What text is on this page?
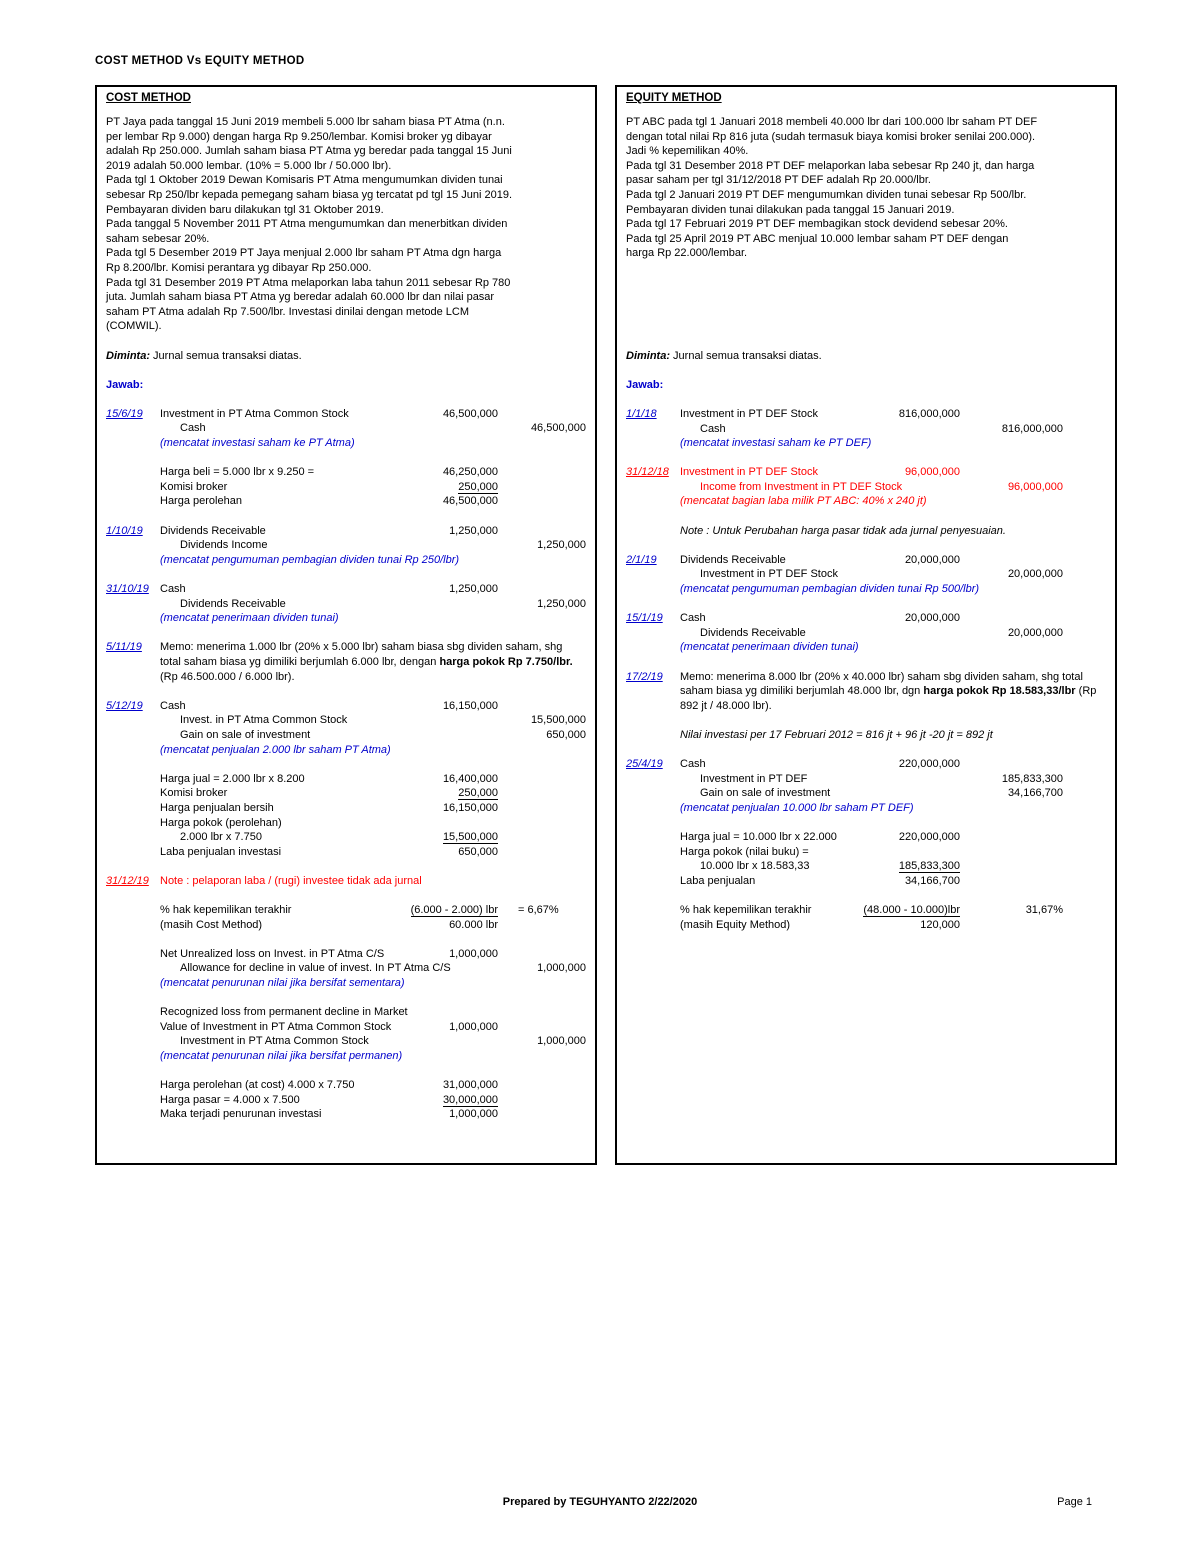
COST METHOD Vs EQUITY METHOD
COST METHOD
PT Jaya pada tanggal 15 Juni 2019 membeli 5.000 lbr saham biasa PT Atma (n.n. per lembar Rp 9.000) dengan harga Rp 9.250/lembar. Komisi broker yg dibayar adalah Rp 250.000. Jumlah saham biasa PT Atma yg beredar pada tanggal 15 Juni 2019 adalah 50.000 lembar. (10% = 5.000 lbr / 50.000 lbr).
Pada tgl 1 Oktober 2019 Dewan Komisaris PT Atma mengumumkan dividen tunai sebesar Rp 250/lbr kepada pemegang saham biasa yg tercatat pd tgl 15 Juni 2019. Pembayaran dividen baru dilakukan tgl 31 Oktober 2019.
Pada tanggal 5 November 2011 PT Atma mengumumkan dan menerbitkan dividen saham sebesar 20%.
Pada tgl 5 Desember 2019 PT Jaya menjual 2.000 lbr saham PT Atma dgn harga Rp 8.200/lbr. Komisi perantara yg dibayar Rp 250.000.
Pada tgl 31 Desember 2019 PT Atma melaporkan laba tahun 2011 sebesar Rp 780 juta. Jumlah saham biasa PT Atma yg beredar adalah 60.000 lbr dan nilai pasar saham PT Atma adalah Rp 7.500/lbr. Investasi dinilai dengan metode LCM (COMWIL).
Diminta: Jurnal semua transaksi diatas.
Jawab:
15/6/19 Investment in PT Atma Common Stock	46,500,000
Cash	46,500,000
(mencatat investasi saham ke PT Atma)
Harga beli = 5.000 lbr x 9.250 =	46,250,000
Komisi broker	250,000
Harga perolehan	46,500,000
1/10/19 Dividends Receivable	1,250,000
Dividends Income	1,250,000
(mencatat pengumuman pembagian dividen tunai Rp 250/lbr)
31/10/19 Cash	1,250,000
Dividends Receivable	1,250,000
(mencatat penerimaan dividen tunai)
5/11/19 Memo: menerima 1.000 lbr (20% x 5.000 lbr) saham biasa sbg dividen saham, shg total saham biasa yg dimiliki berjumlah 6.000 lbr, dengan harga pokok Rp 7.750/lbr. (Rp 46.500.000 / 6.000 lbr).
5/12/19 Cash	16,150,000
Invest. in PT Atma Common Stock	15,500,000
Gain on sale of investment	650,000
(mencatat penjualan 2.000 lbr saham PT Atma)
Harga jual = 2.000 lbr x 8.200	16,400,000
Komisi broker	250,000
Harga penjualan bersih	16,150,000
Harga pokok (perolehan)
2.000 lbr x 7.750	15,500,000
Laba penjualan investasi	650,000
31/12/19 Note : pelaporan laba / (rugi) investee tidak ada jurnal
% hak kepemilikan terakhir	(6.000 - 2.000) lbr = 6,67%
(masih Cost Method)	60.000 lbr
Net Unrealized loss on Invest. in PT Atma C/S	1,000,000
Allowance for decline in value of invest. In PT Atma C/S	1,000,000
(mencatat penurunan nilai jika bersifat sementara)
Recognized loss from permanent decline in Market
Value of Investment in PT Atma Common Stock	1,000,000
Investment in PT Atma Common Stock	1,000,000
(mencatat penurunan nilai jika bersifat permanen)
Harga perolehan (at cost) 4.000 x 7.750	31,000,000
Harga pasar = 4.000 x 7.500	30,000,000
Maka terjadi penurunan investasi	1,000,000
EQUITY METHOD
PT ABC pada tgl 1 Januari 2018 membeli 40.000 lbr dari 100.000 lbr saham PT DEF dengan total nilai Rp 816 juta (sudah termasuk biaya komisi broker senilai 200.000). Jadi % kepemilikan 40%.
Pada tgl 31 Desember 2018 PT DEF melaporkan laba sebesar Rp 240 jt, dan harga pasar saham per tgl 31/12/2018 PT DEF adalah Rp 20.000/lbr.
Pada tgl 2 Januari 2019 PT DEF mengumumkan dividen tunai sebesar Rp 500/lbr. Pembayaran dividen tunai dilakukan pada tanggal 15 Januari 2019.
Pada tgl 17 Februari 2019 PT DEF membagikan stock devidend sebesar 20%.
Pada tgl 25 April 2019 PT ABC menjual 10.000 lembar saham PT DEF dengan harga Rp 22.000/lembar.
Diminta: Jurnal semua transaksi diatas.
Jawab:
1/1/18 Investment in PT DEF Stock	816,000,000
Cash	816,000,000
(mencatat investasi saham ke PT DEF)
31/12/18 Investment in PT DEF Stock	96,000,000
Income from Investment in PT DEF Stock	96,000,000
(mencatat bagian laba milik PT ABC: 40% x 240 jt)
Note : Untuk Perubahan harga pasar tidak ada jurnal penyesuaian.
2/1/19 Dividends Receivable	20,000,000
Investment in PT DEF Stock	20,000,000
(mencatat pengumuman pembagian dividen tunai Rp 500/lbr)
15/1/19 Cash	20,000,000
Dividends Receivable	20,000,000
(mencatat penerimaan dividen tunai)
17/2/19 Memo: menerima 8.000 lbr (20% x 40.000 lbr) saham sbg dividen saham, shg total saham biasa yg dimiliki berjumlah 48.000 lbr, dgn harga pokok Rp 18.583,33/lbr (Rp 892 jt / 48.000 lbr).
Nilai investasi per 17 Februari 2012 = 816 jt + 96 jt -20 jt = 892 jt
25/4/19 Cash	220,000,000
Investment in PT DEF	185,833,300
Gain on sale of investment	34,166,700
(mencatat penjualan 10.000 lbr saham PT DEF)
Harga jual = 10.000 lbr x 22.000	220,000,000
Harga pokok (nilai buku) =
10.000 lbr x 18.583,33	185,833,300
Laba penjualan	34,166,700
% hak kepemilikan terakhir	(48.000 - 10.000)lbr	31,67%
(masih Equity Method)	120,000
Prepared by TEGUHYANTO 2/22/2020	Page 1
